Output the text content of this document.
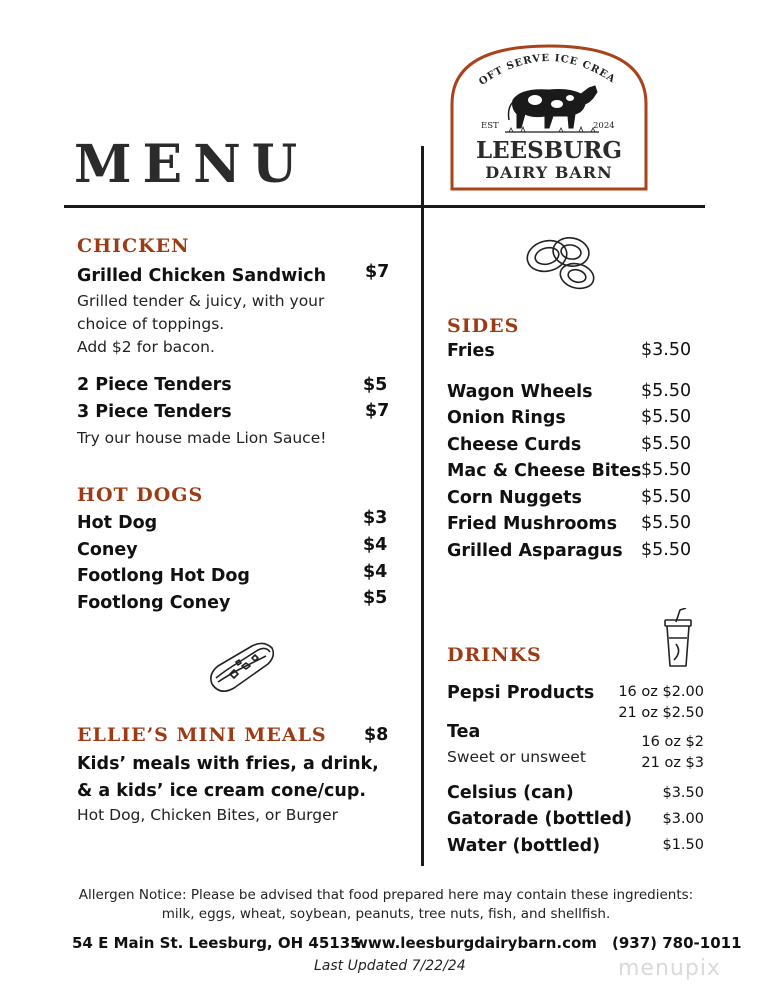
OFT SERVE ICE CREA
EST	2024
LEESBURG
DAIRY BARN
MENU
CHICKEN
Grilled Chicken Sandwich $7
Grilled tender & juicy, with your
choice of toppings.
Add $2 for bacon.
2 Piece Tenders	$5
3 Piece Tenders	$7
Try our house made Lion Sauce!
HOT DOGS
Hot Dog	$3
Coney	$4
Footlong Hot Dog	$4
Footlong Coney	$5
ELLIE’S MINI MEALS $8
Kids’ meals with fries, a drink,
& a kids’ ice cream cone/cup.
Hot Dog, Chicken Bites, or Burger
SIDES
Fries	$3.50
Wagon Wheels	$5.50
Onion Rings	$5.50
Cheese Curds	$5.50
Mac & Cheese Bites $5.50
Corn Nuggets	$5.50
Fried Mushrooms $5.50
Grilled Asparagus $5.50
DRINKS
Pepsi Products	16 oz $2.00
21 oz $2.50
Tea
Sweet or unsweet
16 oz $2
21 oz $3
Celsius (can)	$3.50
Gatorade (bottled)	$3.00
Water (bottled)	$1.50
Allergen Notice: Please be advised that food prepared here may contain these ingredients:
milk, eggs, wheat, soybean, peanuts, tree nuts, fish, and shellfish.
54 E Main St. Leesburg, OH 45135
www.leesburgdairybarn.com (937) 780-1011
Last Updated 7/22/24	menupix
